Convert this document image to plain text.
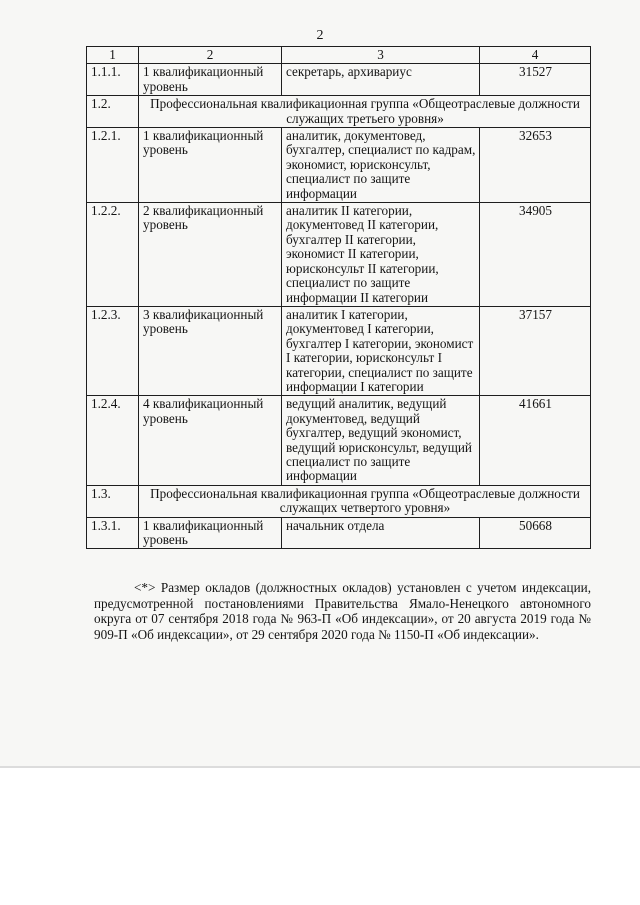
2
1	2	3	4
1.1.1.	1 квалификационный уровень	секретарь, архивариус	31527
1.2.	Профессиональная квалификационная группа «Общеотраслевые должности служащих третьего уровня»		
1.2.1.	1 квалификационный уровень	аналитик, документовед, бухгалтер, специалист по кадрам, экономист, юрисконсульт, специалист по защите информации	32653
1.2.2.	2 квалификационный уровень	аналитик II категории, документовед II категории, бухгалтер II категории, экономист II категории, юрисконсульт II категории, специалист по защите информации II категории	34905
1.2.3.	3 квалификационный уровень	аналитик I категории, документовед I категории, бухгалтер I категории, экономист I категории, юрисконсульт I категории, специалист по защите информации I категории	37157
1.2.4.	4 квалификационный уровень	ведущий аналитик, ведущий документовед, ведущий бухгалтер, ведущий экономист, ведущий юрисконсульт, ведущий специалист по защите информации	41661
1.3.	Профессиональная квалификационная группа «Общеотраслевые должности служащих четвертого уровня»		
1.3.1.	1 квалификационный уровень	начальник отдела	50668
<*> Размер окладов (должностных окладов) установлен с учетом индексации, предусмотренной постановлениями Правительства Ямало-Ненецкого автономного округа от 07 сентября 2018 года № 963-П «Об индексации», от 20 августа 2019 года № 909-П «Об индексации», от 29 сентября 2020 года № 1150-П «Об индексации».
